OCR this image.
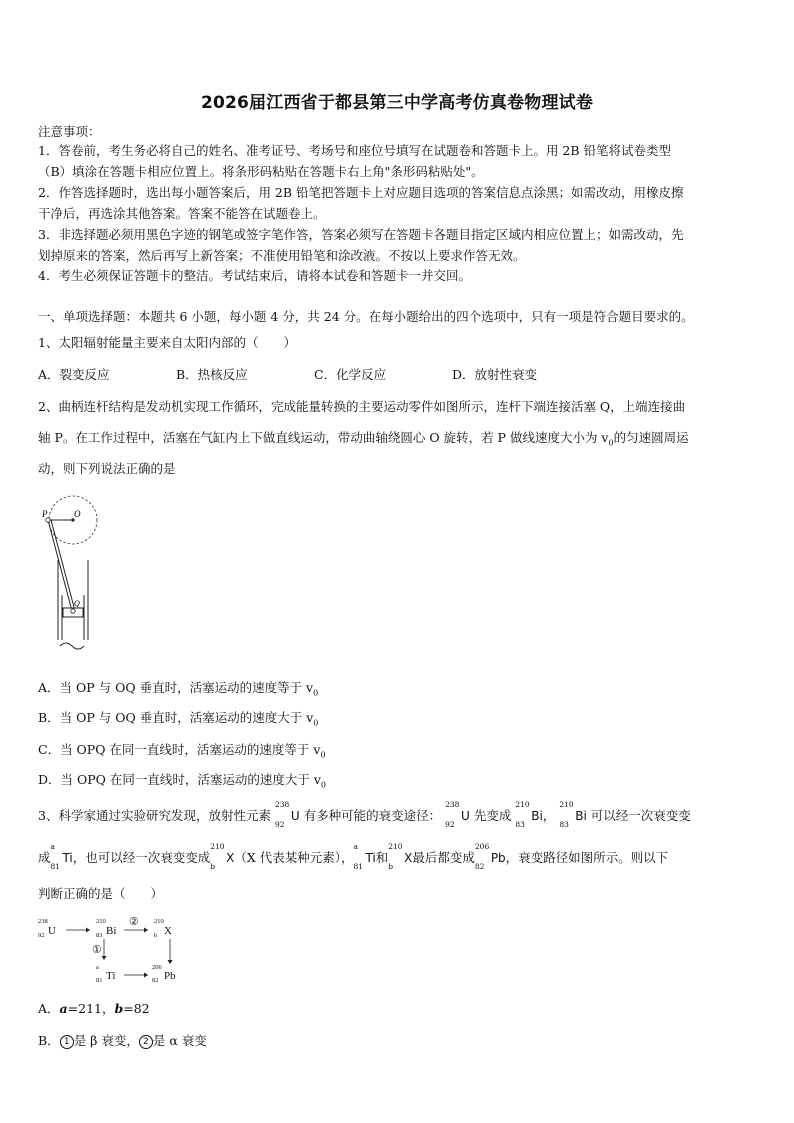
2026届江西省于都县第三中学高考仿真卷物理试卷
注意事项：
1．答卷前，考生务必将自己的姓名、准考证号、考场号和座位号填写在试题卷和答题卡上。用 2B 铅笔将试卷类型
（B）填涂在答题卡相应位置上。将条形码粘贴在答题卡右上角"条形码粘贴处"。
2．作答选择题时，选出每小题答案后，用 2B 铅笔把答题卡上对应题目选项的答案信息点涂黑；如需改动，用橡皮擦
干净后，再选涂其他答案。答案不能答在试题卷上。
3．非选择题必须用黑色字迹的钢笔或签字笔作答，答案必须写在答题卡各题目指定区域内相应位置上；如需改动，先
划掉原来的答案，然后再写上新答案；不准使用铅笔和涂改液。不按以上要求作答无效。
4．考生必须保证答题卡的整洁。考试结束后，请将本试卷和答题卡一并交回。
一、单项选择题：本题共 6 小题，每小题 4 分，共 24 分。在每小题给出的四个选项中，只有一项是符合题目要求的。
1、太阳辐射能量主要来自太阳内部的（　　）
A．裂变反应	B．热核反应	C．化学反应	D．放射性衰变
2、曲柄连杆结构是发动机实现工作循环，完成能量转换的主要运动零件如图所示，连杆下端连接活塞 Q，上端连接曲
轴 P。在工作过程中，活塞在气缸内上下做直线运动，带动曲轴绕圆心 O 旋转，若 P 做线速度大小为 $v_0$的匀速圆周运
动，则下列说法正确的是
P	O
Q
A．当 OP 与 OQ 垂直时，活塞运动的速度等于 $v_0$
B．当 OP 与 OQ 垂直时，活塞运动的速度大于 $v_0$
C．当 OPQ 在同一直线时，活塞运动的速度等于 $v_0$
D．当 OPQ 在同一直线时，活塞运动的速度大于 $v_0$
3、科学家通过实验研究发现，放射性元素
238
92
U 有多种可能的衰变途径：
238
92
U 先变成
210
83
Bi，
210
83
Bi 可以经一次衰变变
成
a
81
Ti，也可以经一次衰变变成
210
b
X（X 代表某种元素），
a
81
Ti和
210
b
X最后都变成
206
82
Pb，衰变路径如图所示。则以下
判断正确的是（　　）
238
92 U
210
83 Bi
② 210
b X
①
a
81 Ti
206
82 Pb
A．a=211，b=82
B． 1 是 β 衰变， 2 是 α 衰变
